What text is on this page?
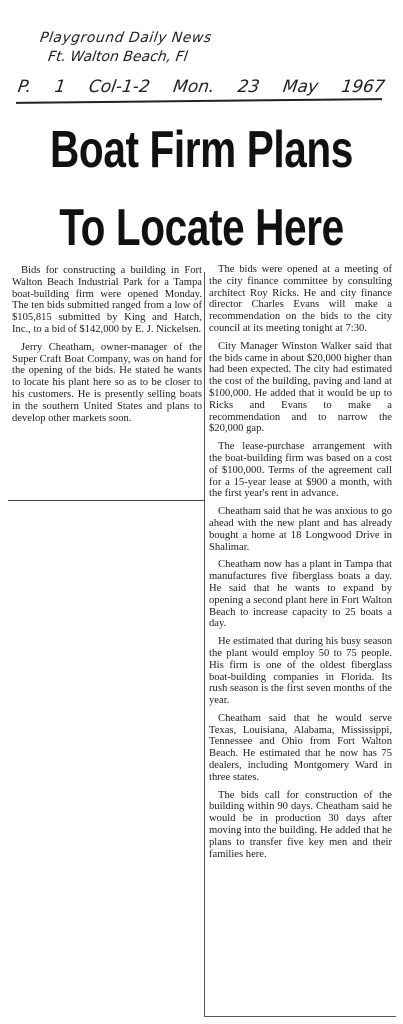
Playground Daily News
Ft. Walton Beach, Fl
P. 1 Col-1-2 Mon. 23 May 1967
Boat Firm Plans
To Locate Here

Bids for constructing a building in Fort Walton Beach Industrial Park for a Tampa boat-building firm were opened Monday. The ten bids submitted ranged from a low of $105,815 submitted by King and Hatch, Inc., to a bid of $142,000 by E. J. Nickelsen.

Jerry Cheatham, owner-manager of the Super Craft Boat Company, was on hand for the opening of the bids. He stated he wants to locate his plant here so as to be closer to his customers. He is presently selling boats in the southern United States and plans to develop other markets soon.

The bids were opened at a meeting of the city finance committee by consulting architect Roy Ricks. He and city finance director Charles Evans will make a recommendation on the bids to the city council at its meeting tonight at 7:30.

City Manager Winston Walker said that the bids came in about $20,000 higher than had been expected. The city had estimated the cost of the building, paving and land at $100,000. He added that it would be up to Ricks and Evans to make a recommendation and to narrow the $20,000 gap.

The lease-purchase arrangement with the boat-building firm was based on a cost of $100,000. Terms of the agreement call for a 15-year lease at $900 a month, with the first year's rent in advance.

Cheatham said that he was anxious to go ahead with the new plant and has already bought a home at 18 Longwood Drive in Shalimar.

Cheatham now has a plant in Tampa that manufactures five fiberglass boats a day. He said that he wants to expand by opening a second plant here in Fort Walton Beach to increase capacity to 25 boats a day.

He estimated that during his busy season the plant would employ 50 to 75 people. His firm is one of the oldest fiberglass boat-building companies in Florida. Its rush season is the first seven months of the year.

Cheatham said that he would serve Texas, Louisiana, Alabama, Mississippi, Tennessee and Ohio from Fort Walton Beach. He estimated that he now has 75 dealers, including Montgomery Ward in three states.

The bids call for construction of the building within 90 days. Cheatham said he would be in production 30 days after moving into the building. He added that he plans to transfer five key men and their families here.
